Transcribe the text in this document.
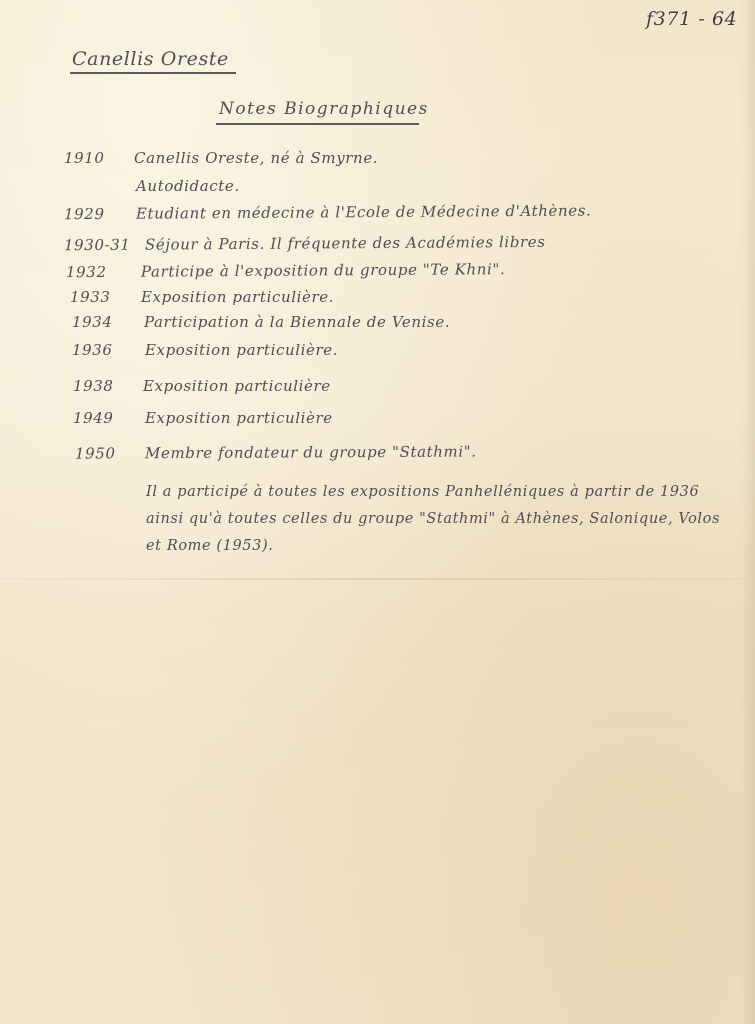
f371 - 64
Canellis Oreste
Notes Biographiques
1910 Canellis Oreste, né à Smyrne.
Autodidacte.
1929 Etudiant en médecine à l'Ecole de Médecine d'Athènes.
1930-31 Séjour à Paris. Il fréquente des Académies libres
1932 Participe à l'exposition du groupe "Te Khni".
1933 Exposition particulière.
1934 Participation à la Biennale de Venise.
1936 Exposition particulière.
1938 Exposition particulière
1949 Exposition particulière
1950 Membre fondateur du groupe "Stathmi".
Il a participé à toutes les expositions Panhelléniques à partir de 1936
ainsi qu'à toutes celles du groupe "Stathmi" à Athènes, Salonique, Volos
et Rome (1953).
